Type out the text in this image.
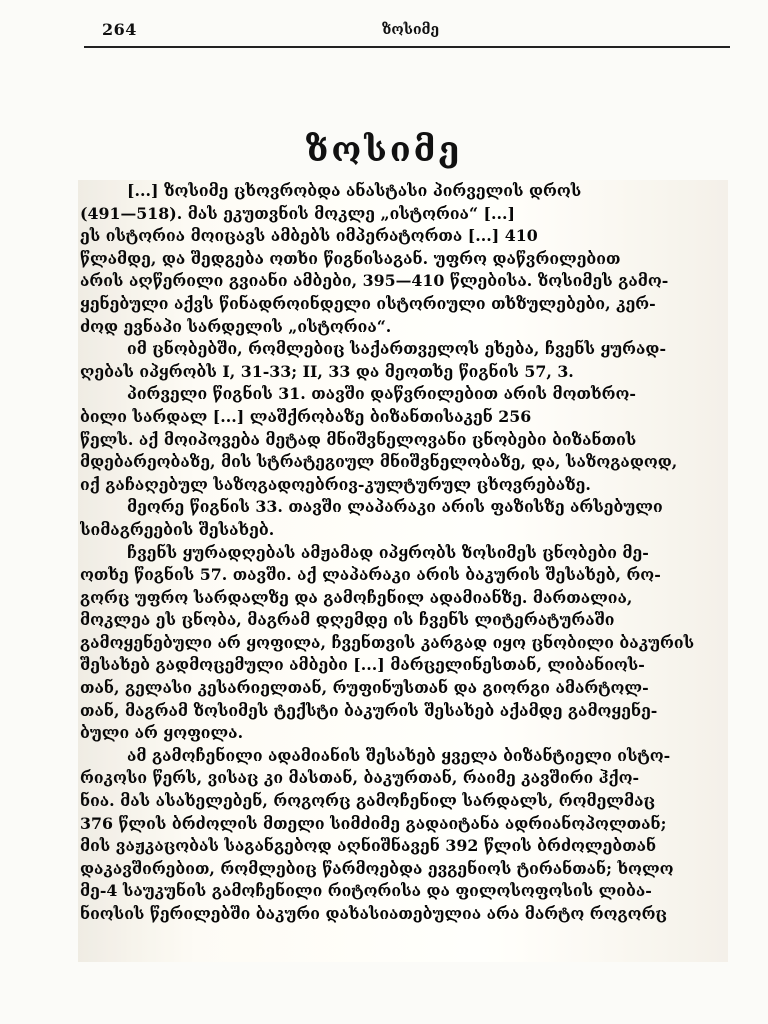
264	ზოსიმე
ზოსიმე
[...] ზოსიმე ცხოვრობდა ანასტასი პირველის დროს
(491—518). მას ეკუთვნის მოკლე „ისტორია“ [...]
ეს ისტორია მოიცავს ამბებს იმპერატორთა [...] 410
წლამდე, და შედგება ოთხი წიგნისაგან. უფრო დაწვრილებით
არის აღწერილი გვიანი ამბები, 395—410 წლებისა. ზოსიმეს გამო-
ყენებული აქვს წინადროინდელი ისტორიული თხზულებები, კერ-
ძოდ ევნაპი სარდელის „ისტორია“.
იმ ცნობებში, რომლებიც საქართველოს ეხება, ჩვენს ყურად-
ღებას იპყრობს I, 31-33; II, 33 და მეოთხე წიგნის 57, 3.
პირველი წიგნის 31. თავში დაწვრილებით არის მოთხრო-
ბილი სარდალ [...] ლაშქრობაზე ბიზანთისაკენ 256
წელს. აქ მოიპოვება მეტად მნიშვნელოვანი ცნობები ბიზანთის
მდებარეობაზე, მის სტრატეგიულ მნიშვნელობაზე, და, საზოგადოდ,
იქ გაჩაღებულ საზოგადოებრივ-კულტურულ ცხოვრებაზე.
მეორე წიგნის 33. თავში ლაპარაკი არის ფაზისზე არსებული
სიმაგრეების შესახებ.
ჩვენს ყურადღებას ამჟამად იპყრობს ზოსიმეს ცნობები მე-
ოთხე წიგნის 57. თავში. აქ ლაპარაკი არის ბაკურის შესახებ, რო-
გორც უფრო სარდალზე და გამოჩენილ ადამიანზე. მართალია,
მოკლეა ეს ცნობა, მაგრამ დღემდე ის ჩვენს ლიტერატურაში
გამოყენებული არ ყოფილა, ჩვენთვის კარგად იყო ცნობილი ბაკურის
შესახებ გადმოცემული ამბები [...] მარცელინესთან, ლიბანიოს-
თან, გელასი კესარიელთან, რუფინუსთან და გიორგი ამარტოლ-
თან, მაგრამ ზოსიმეს ტექსტი ბაკურის შესახებ აქამდე გამოყენე-
ბული არ ყოფილა.
ამ გამოჩენილი ადამიანის შესახებ ყველა ბიზანტიელი ისტო-
რიკოსი წერს, ვისაც კი მასთან, ბაკურთან, რაიმე კავშირი ჰქო-
ნია. მას ასახელებენ, როგორც გამოჩენილ სარდალს, რომელმაც
376 წლის ბრძოლის მთელი სიმძიმე გადაიტანა ადრიანოპოლთან;
მის ვაჟკაცობას საგანგებოდ აღნიშნავენ 392 წლის ბრძოლებთან
დაკავშირებით, რომლებიც წარმოებდა ევგენიოს ტირანთან; ხოლო
მე-4 საუკუნის გამოჩენილი რიტორისა და ფილოსოფოსის ლიბა-
ნიოსის წერილებში ბაკური დახასიათებულია არა მარტო როგორც
